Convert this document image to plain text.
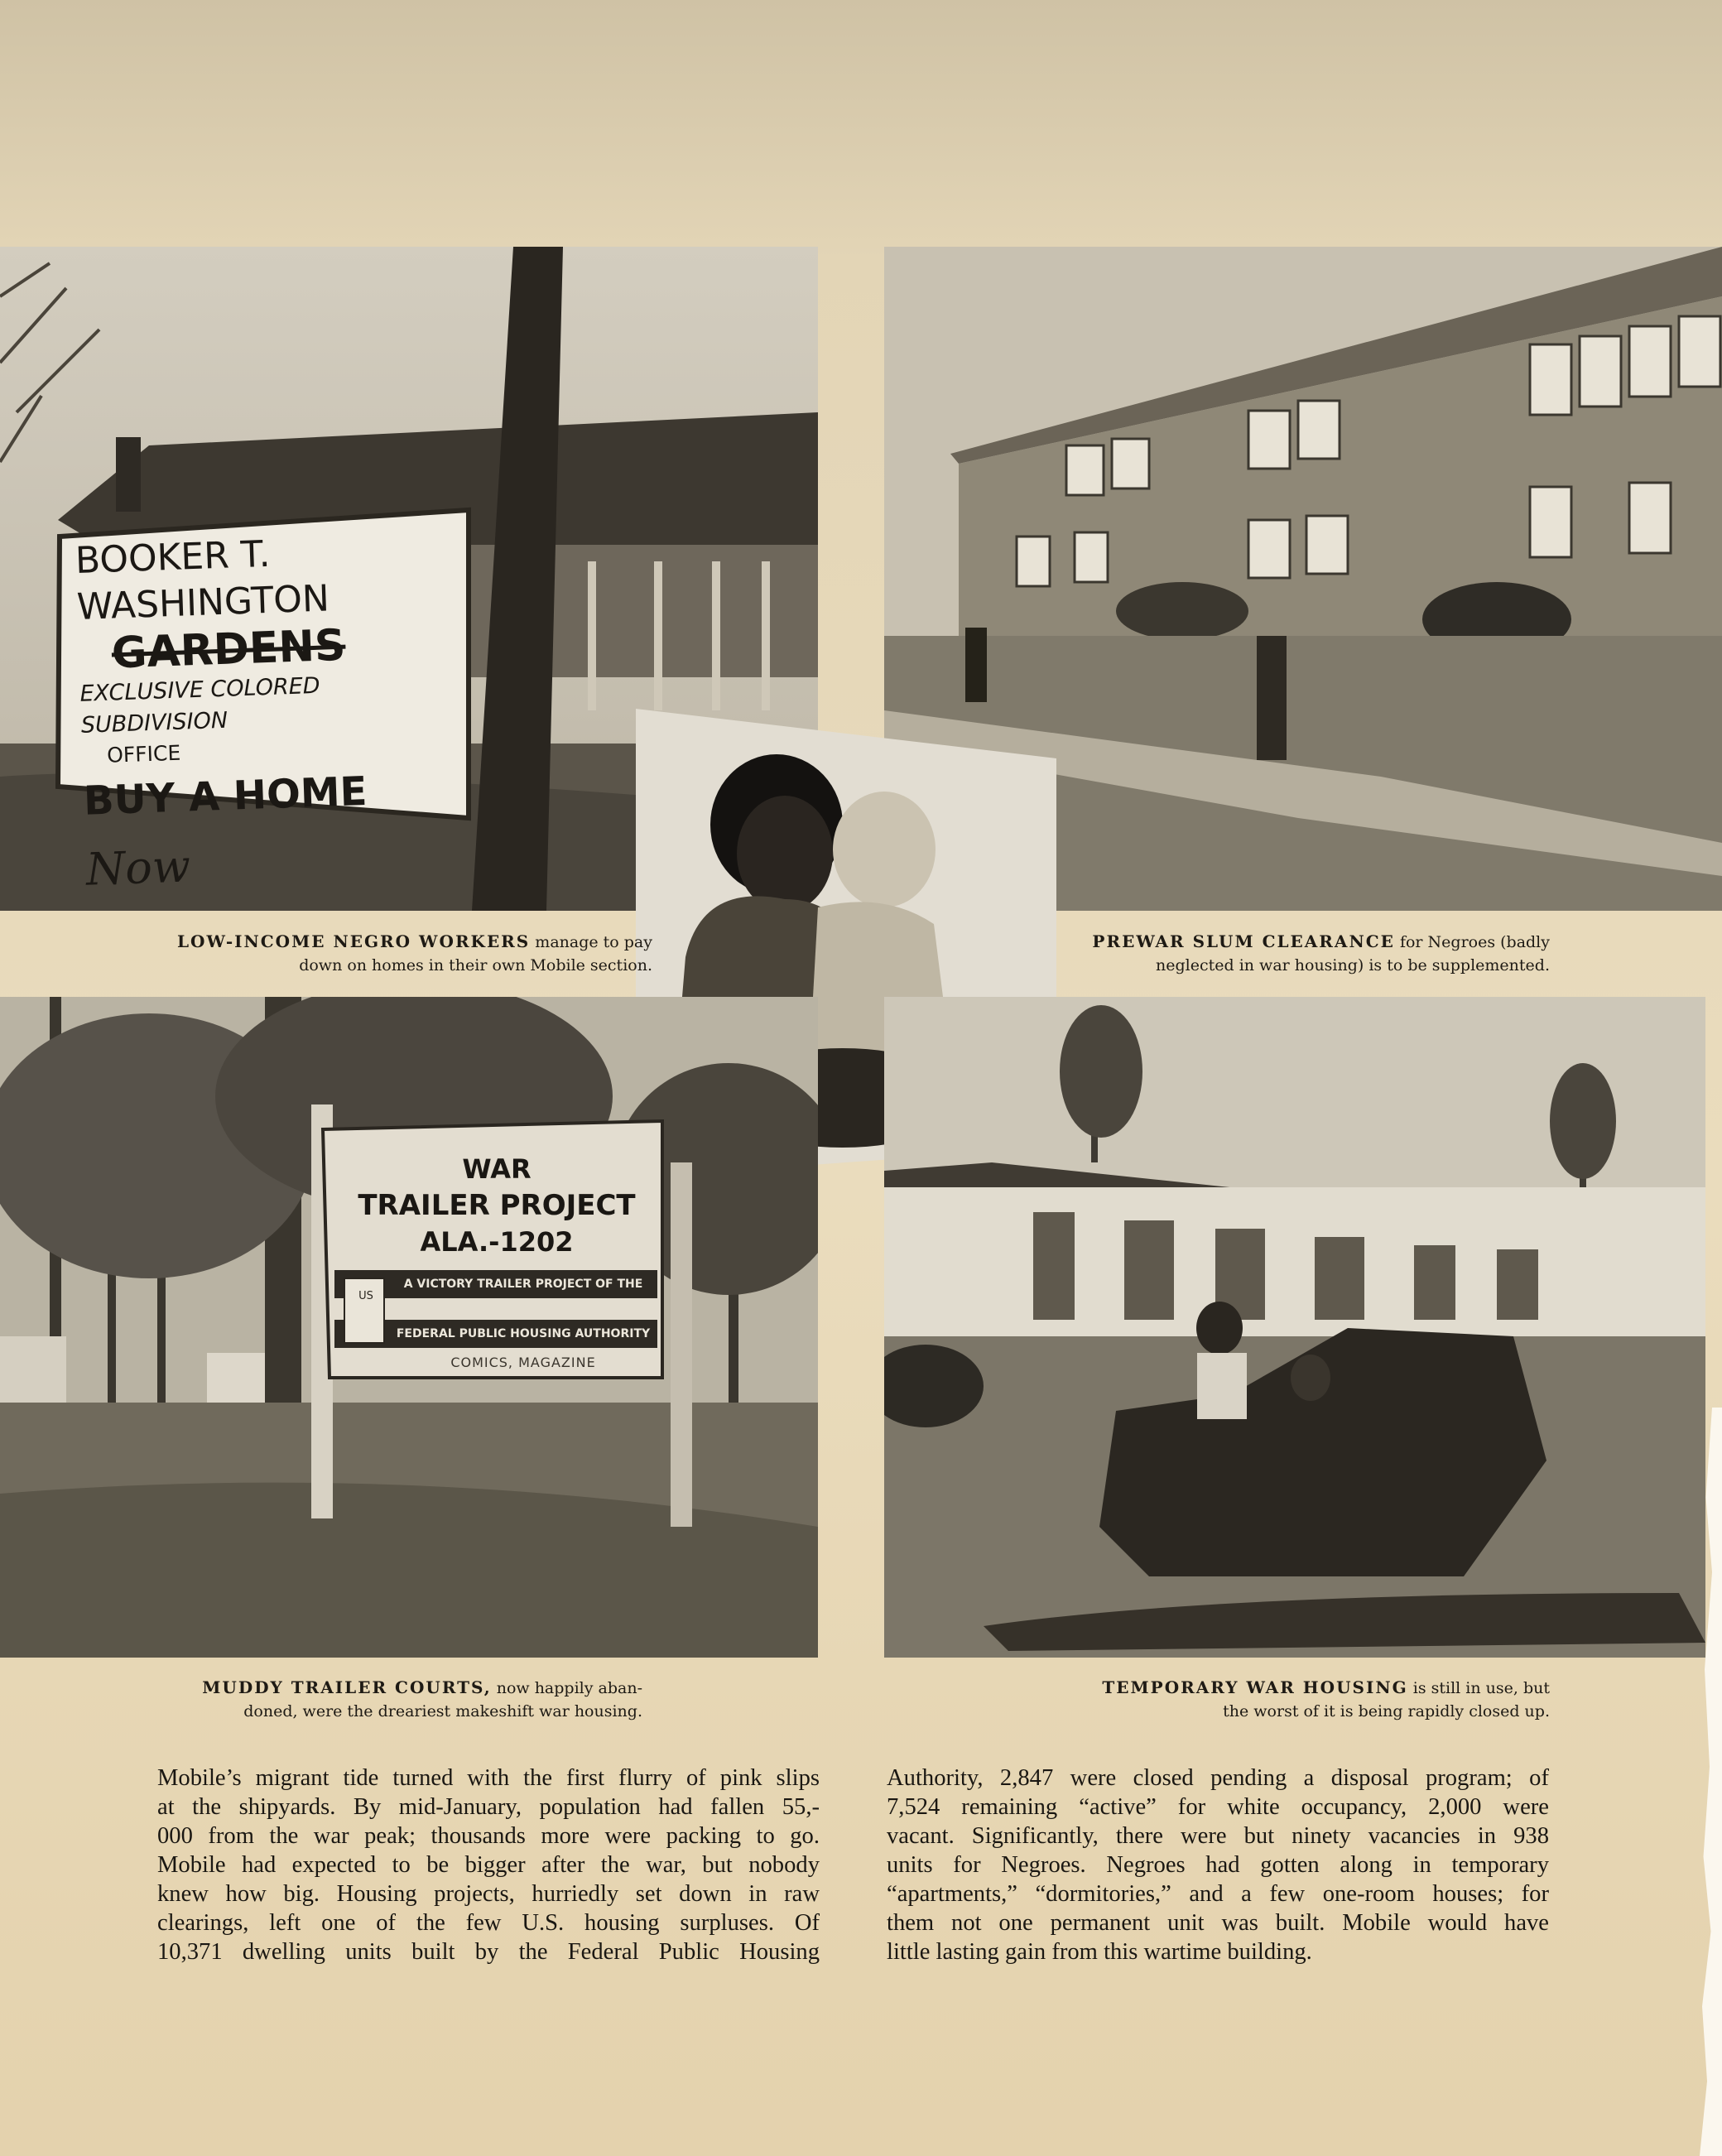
BOOKER T. WASHINGTON
GARDENS
EXCLUSIVE COLORED SUBDIVISION
OFFICE
BUY A HOME Now
WAR
TRAILER PROJECT
ALA.-1202
US
A VICTORY TRAILER PROJECT OF THE
FEDERAL PUBLIC HOUSING AUTHORITY
COMICS, MAGAZINE
LOW-INCOME NEGRO WORKERS manage to pay
down on homes in their own Mobile section.
PREWAR SLUM CLEARANCE for Negroes (badly
neglected in war housing) is to be supplemented.
MUDDY TRAILER COURTS, now happily aban-
doned, were the dreariest makeshift war housing.
TEMPORARY WAR HOUSING is still in use, but
the worst of it is being rapidly closed up.
Mobile’s migrant tide turned with the first flurry of pink slips
at the shipyards. By mid-January, population had fallen 55,-
000 from the war peak; thousands more were packing to go.
Mobile had expected to be bigger after the war, but nobody
knew how big. Housing projects, hurriedly set down in raw
clearings, left one of the few U.S. housing surpluses. Of
10,371 dwelling units built by the Federal Public Housing
Authority, 2,847 were closed pending a disposal program; of
7,524 remaining “active” for white occupancy, 2,000 were
vacant. Significantly, there were but ninety vacancies in 938
units for Negroes. Negroes had gotten along in temporary
“apartments,” “dormitories,” and a few one-room houses; for
them not one permanent unit was built. Mobile would have
little lasting gain from this wartime building.
